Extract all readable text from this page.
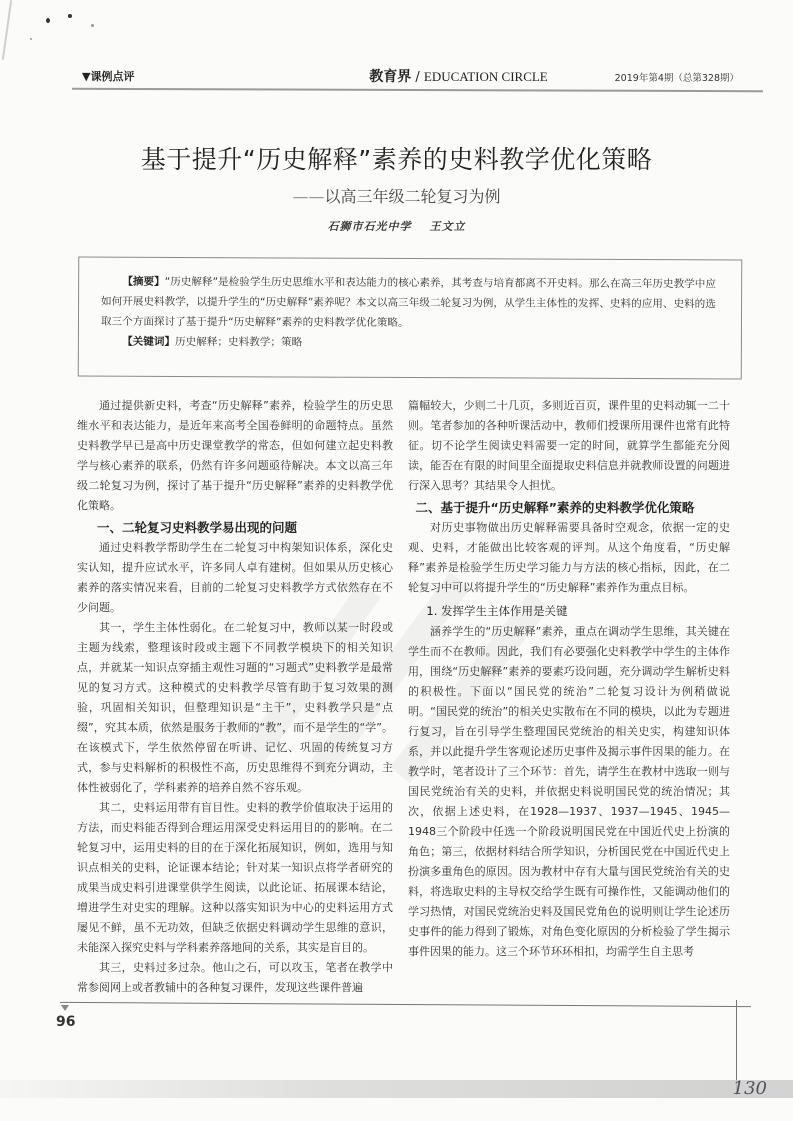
▼课例点评	教育界 / EDUCATION CIRCLE	2019年第4期（总第328期）
基于提升“历史解释”素养的史料教学优化策略
——以高三年级二轮复习为例
石狮市石光中学 王文立

【摘要】“历史解释”是检验学生历史思维水平和表达能力的核心素养，其考查与培育都离不开史料。那么在高三年历史教学中应如何开展史料教学，以提升学生的“历史解释”素养呢？本文以高三年级二轮复习为例，从学生主体性的发挥、史料的应用、史料的选取三个方面探讨了基于提升“历史解释”素养的史料教学优化策略。

【关键词】历史解释；史料教学；策略

通过提供新史料，考查“历史解释”素养，检验学生的历史思维水平和表达能力，是近年来高考全国卷鲜明的命题特点。虽然史料教学早已是高中历史课堂教学的常态，但如何建立起史料教学与核心素养的联系，仍然有许多问题亟待解决。本文以高三年级二轮复习为例，探讨了基于提升“历史解释”素养的史料教学优化策略。

一、二轮复习史料教学易出现的问题

通过史料教学帮助学生在二轮复习中构架知识体系，深化史实认知，提升应试水平，许多同人卓有建树。但如果从历史核心素养的落实情况来看，目前的二轮复习史料教学方式依然存在不少问题。

其一，学生主体性弱化。在二轮复习中，教师以某一时段或主题为线索，整理该时段或主题下不同教学模块下的相关知识点，并就某一知识点穿插主观性习题的“习题式”史料教学是最常见的复习方式。这种模式的史料教学尽管有助于复习效果的测验，巩固相关知识，但整理知识是“主干”，史料教学只是“点缀”，究其本质，依然是服务于教师的“教”，而不是学生的“学”。在该模式下，学生依然停留在听讲、记忆、巩固的传统复习方式，参与史料解析的积极性不高，历史思维得不到充分调动，主体性被弱化了，学科素养的培养自然不容乐观。

其二，史料运用带有盲目性。史料的教学价值取决于运用的方法，而史料能否得到合理运用深受史料运用目的的影响。在二轮复习中，运用史料的目的在于深化拓展知识，例如，选用与知识点相关的史料，论证课本结论；针对某一知识点将学者研究的成果当成史料引进课堂供学生阅读，以此论证、拓展课本结论，增进学生对史实的理解。这种以落实知识为中心的史料运用方式屡见不鲜，虽不无功效，但缺乏依据史料调动学生思维的意识，未能深入探究史料与学科素养落地间的关系，其实是盲目的。

其三，史料过多过杂。他山之石，可以攻玉，笔者在教学中常参阅网上或者教辅中的各种复习课件，发现这些课件普遍

篇幅较大，少则二十几页，多则近百页，课件里的史料动辄一二十则。笔者参加的各种听课活动中，教师们授课所用课件也常有此特征。切不论学生阅读史料需要一定的时间，就算学生都能充分阅读，能否在有限的时间里全面提取史料信息并就教师设置的问题进行深入思考？其结果令人担忧。

二、基于提升“历史解释”素养的史料教学优化策略

对历史事物做出历史解释需要具备时空观念，依据一定的史观、史料，才能做出比较客观的评判。从这个角度看，“历史解释”素养是检验学生历史学习能力与方法的核心指标，因此，在二轮复习中可以将提升学生的“历史解释”素养作为重点目标。

1. 发挥学生主体作用是关键

涵养学生的“历史解释”素养，重点在调动学生思维，其关键在学生而不在教师。因此，我们有必要强化史料教学中学生的主体作用，围绕“历史解释”素养的要素巧设问题，充分调动学生解析史料的积极性。下面以“国民党的统治”二轮复习设计为例稍做说明。“国民党的统治”的相关史实散布在不同的模块，以此为专题进行复习，旨在引导学生整理国民党统治的相关史实，构建知识体系，并以此提升学生客观论述历史事件及揭示事件因果的能力。在教学时，笔者设计了三个环节：首先，请学生在教材中选取一则与国民党统治有关的史料，并依据史料说明国民党的统治情况；其次，依据上述史料，在1928—1937、1937—1945、1945—1948三个阶段中任选一个阶段说明国民党在中国近代史上扮演的角色；第三，依据材料结合所学知识，分析国民党在中国近代史上扮演多重角色的原因。因为教材中存有大量与国民党统治有关的史料，将选取史料的主导权交给学生既有可操作性，又能调动他们的学习热情，对国民党统治史料及国民党角色的说明则让学生论述历史事件的能力得到了锻炼，对角色变化原因的分析检验了学生揭示事件因果的能力。这三个环节环环相扣，均需学生自主思考

96
130
